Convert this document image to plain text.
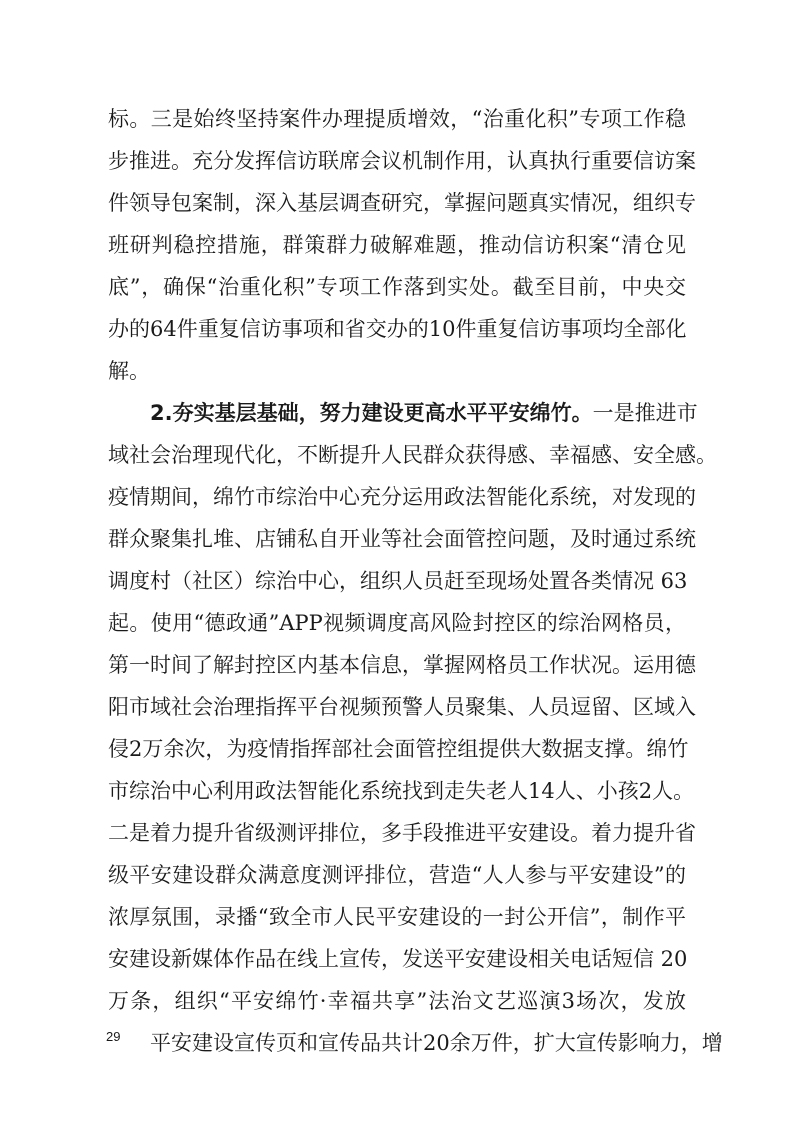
标。三是始终坚持案件办理提质增效，“治重化积”专项工作稳
步推进。充分发挥信访联席会议机制作用，认真执行重要信访案
件领导包案制，深入基层调查研究，掌握问题真实情况，组织专
班研判稳控措施，群策群力破解难题，推动信访积案“清仓见
底”，确保“治重化积”专项工作落到实处。截至目前，中央交
办的64件重复信访事项和省交办的10件重复信访事项均全部化
解。
2.夯实基层基础，努力建设更高水平平安绵竹。一是推进市
域社会治理现代化，不断提升人民群众获得感、幸福感、安全感。
疫情期间，绵竹市综治中心充分运用政法智能化系统，对发现的
群众聚集扎堆、店铺私自开业等社会面管控问题，及时通过系统
调度村（社区）综治中心，组织人员赶至现场处置各类情况 63
起。使用“德政通”APP视频调度高风险封控区的综治网格员，
第一时间了解封控区内基本信息，掌握网格员工作状况。运用德
阳市域社会治理指挥平台视频预警人员聚集、人员逗留、区域入
侵2万余次，为疫情指挥部社会面管控组提供大数据支撑。绵竹
市综治中心利用政法智能化系统找到走失老人14人、小孩2人。
二是着力提升省级测评排位，多手段推进平安建设。着力提升省
级平安建设群众满意度测评排位，营造“人人参与平安建设”的
浓厚氛围，录播“致全市人民平安建设的一封公开信”，制作平
安建设新媒体作品在线上宣传，发送平安建设相关电话短信 20
万条，组织“平安绵竹·幸福共享”法治文艺巡演3场次，发放
平安建设宣传页和宣传品共计20余万件，扩大宣传影响力，增
29
